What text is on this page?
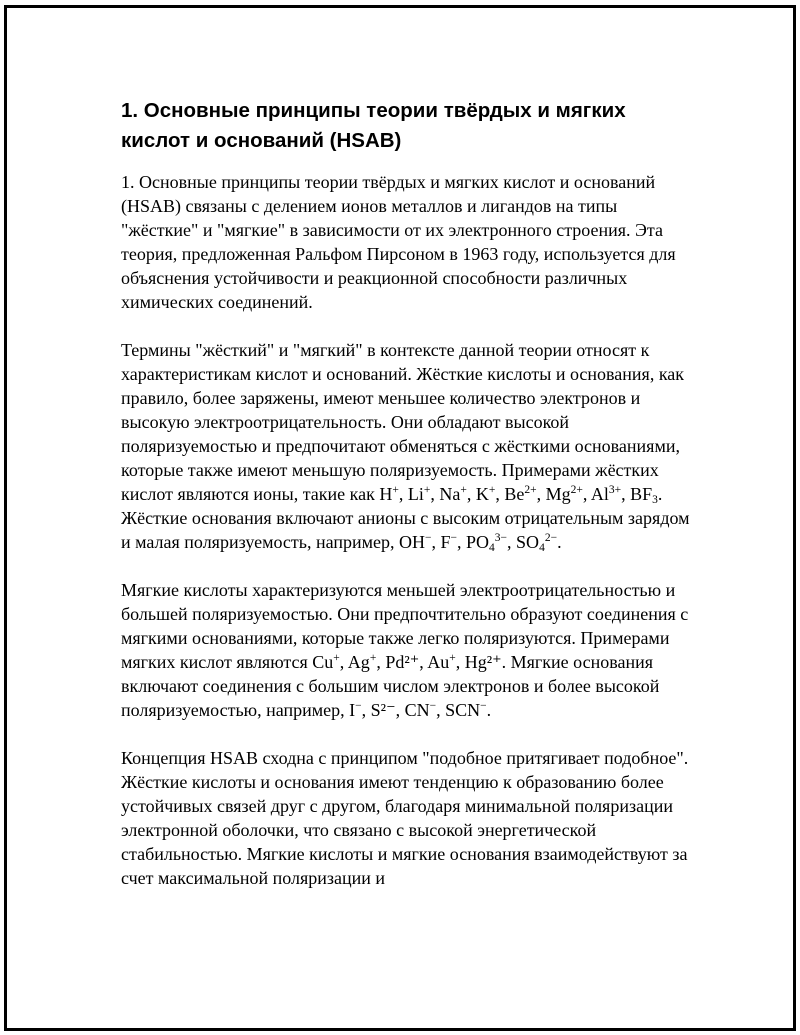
1. Основные принципы теории твёрдых и мягких кислот и оснований (HSAB)

1. Основные принципы теории твёрдых и мягких кислот и оснований (HSAB) связаны с делением ионов металлов и лигандов на типы "жёсткие" и "мягкие" в зависимости от их электронного строения. Эта теория, предложенная Ральфом Пирсоном в 1963 году, используется для объяснения устойчивости и реакционной способности различных химических соединений.

Термины "жёсткий" и "мягкий" в контексте данной теории относят к характеристикам кислот и оснований. Жёсткие кислоты и основания, как правило, более заряжены, имеют меньшее количество электронов и высокую электроотрицательность. Они обладают высокой поляризуемостью и предпочитают обменяться с жёсткими основаниями, которые также имеют меньшую поляризуемость. Примерами жёстких кислот являются ионы, такие как H+, Li+, Na+, K+, $Be^{2+}$, $Mg^{2+}$, $Al^{3+}$, $BF_3$. Жёсткие основания включают анионы с высоким отрицательным зарядом и малая поляризуемость, например, OH−, F−, $PO_4^{3-}$, $SO_4^{2-}$.

Мягкие кислоты характеризуются меньшей электроотрицательностью и большей поляризуемостью. Они предпочтительно образуют соединения с мягкими основаниями, которые также легко поляризуются. Примерами мягких кислот являются Cu+, Ag+, Pd²⁺, Au+, Hg²⁺. Мягкие основания включают соединения с большим числом электронов и более высокой поляризуемостью, например, I−, S²⁻, CN−, SCN−.

Концепция HSAB сходна с принципом "подобное притягивает подобное". Жёсткие кислоты и основания имеют тенденцию к образованию более устойчивых связей друг с другом, благодаря минимальной поляризации электронной оболочки, что связано с высокой энергетической стабильностью. Мягкие кислоты и мягкие основания взаимодействуют за счет максимальной поляризации и
